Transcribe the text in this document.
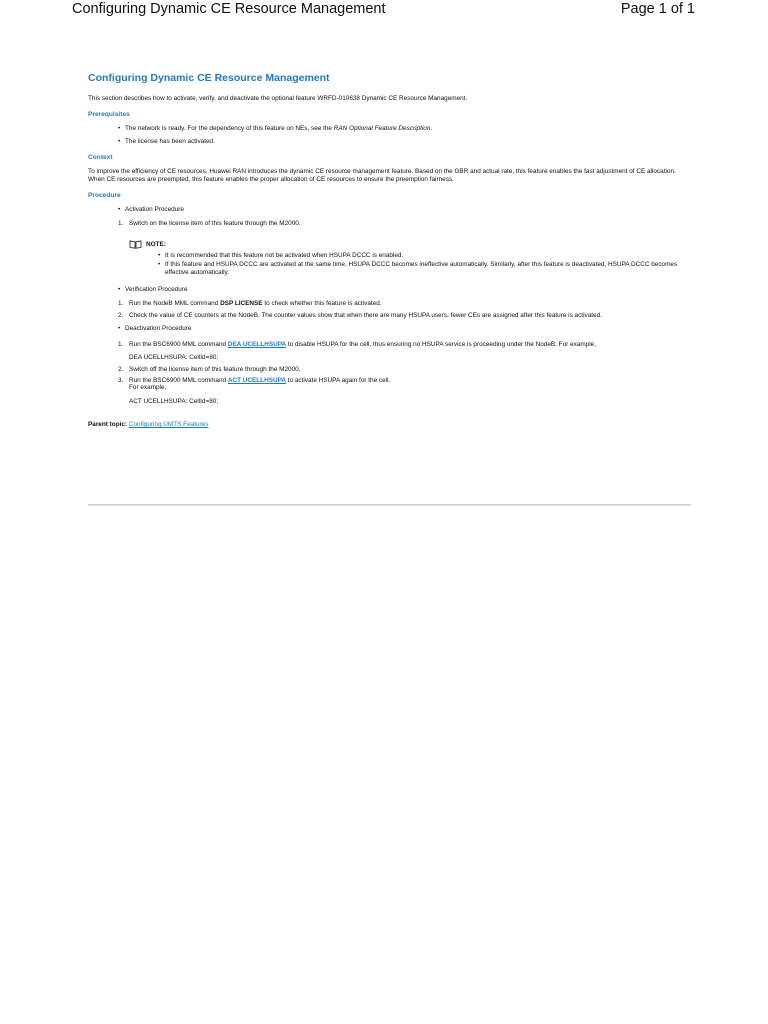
Configuring Dynamic CE Resource Management	Page 1 of 1
Configuring Dynamic CE Resource Management

This section describes how to activate, verify, and deactivate the optional feature WRFD-010638 Dynamic CE Resource Management.

Prerequisites
• The network is ready. For the dependency of this feature on NEs, see the RAN Optional Feature Description.
• The license has been activated.
Context

To improve the efficiency of CE resources, Huawei RAN introduces the dynamic CE resource management feature. Based on the GBR and actual rate, this feature enables the fast adjustment of CE allocation. When CE resources are preempted, this feature enables the proper allocation of CE resources to ensure the preemption fairness.

Procedure
• Activation Procedure
1. Switch on the license item of this feature through the M2000.
NOTE:
• It is recommended that this feature not be activated when HSUPA DCCC is enabled.
• If this feature and HSUPA DCCC are activated at the same time, HSUPA DCCC becomes ineffective automatically. Similarly, after this feature is deactivated, HSUPA DCCC becomes effective automatically.
• Verification Procedure
1. Run the NodeB MML command DSP LICENSE to check whether this feature is activated.
2. Check the value of CE counters at the NodeB. The counter values show that when there are many HSUPA users, fewer CEs are assigned after this feature is activated.
• Deactivation Procedure
1. Run the BSC6900 MML command DEA UCELLHSUPA to disable HSUPA for the cell, thus ensuring no HSUPA service is proceeding under the NodeB. For example,
DEA UCELLHSUPA: CellId=80;
2. Switch off the license item of this feature through the M2000.
3. Run the BSC6900 MML command ACT UCELLHSUPA to activate HSUPA again for the cell.
For example,
ACT UCELLHSUPA: CellId=80;
Parent topic: Configuring UMTS Features
